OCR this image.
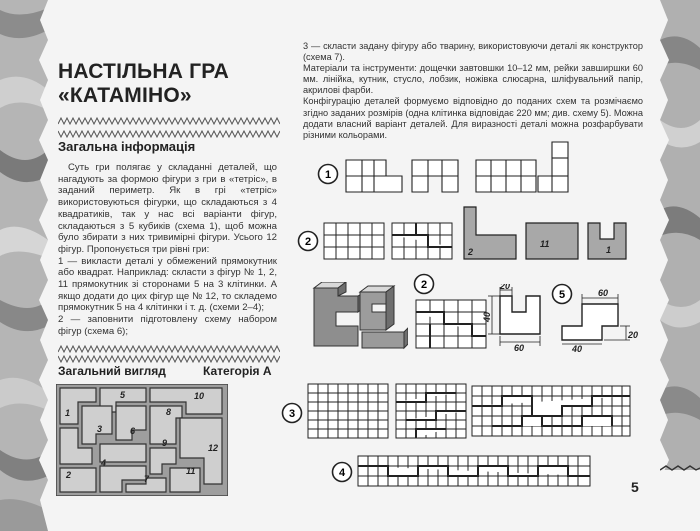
НАСТІЛЬНА ГРА
«КАТАМІНО»
Загальна інформація

Суть гри полягає у складанні деталей, що нагадують за формою фігури з гри в «тетріс», в заданий периметр. Як в грі «тетріс» використовуються фігурки, що складаються з 4 квадратиків, так у нас всі варіанти фігур, складаються з 5 кубиків (схема 1), щоб можна було збирати з них тривимірні фігури. Усього 12 фігур. Пропонується три рівні гри:

1 — викласти деталі у обмежений прямокутник або квадрат. Наприклад: скласти з фігур № 1, 2, 11 прямокутник зі сторонами 5 на 3 клітинки. А якщо додати до цих фігур ще № 12, то складемо прямокутник 5 на 4 клітинки і т. д. (схеми 2–4);

2 — заповнити підготовлену схему набором фігур (схема 6);

Загальний вигляд	Категорія А
5	10
1	8
3	6
9	12
4
2	7
11

3 — скласти задану фігуру або тварину, використовуючи деталі як конструктор (схема 7).

Матеріали та інструменти: дощечки завтовшки 10–12 мм, рейки завширшки 60 мм. лінійка, кутник, стусло, лобзик, ножівка слюсарна, шліфувальний папір, акрилові фарби.

Конфігурацію деталей формуємо відповідно до поданих схем та розмічаємо згідно заданих розмірів (одна клітинка відповідає 220 мм; див. схему 5). Можна додати власний варіант деталей. Для виразності деталі можна розфарбувати різними кольорами.

1
2
2
11
1
2	20
40
60
5	60
20
40
3
4
5
